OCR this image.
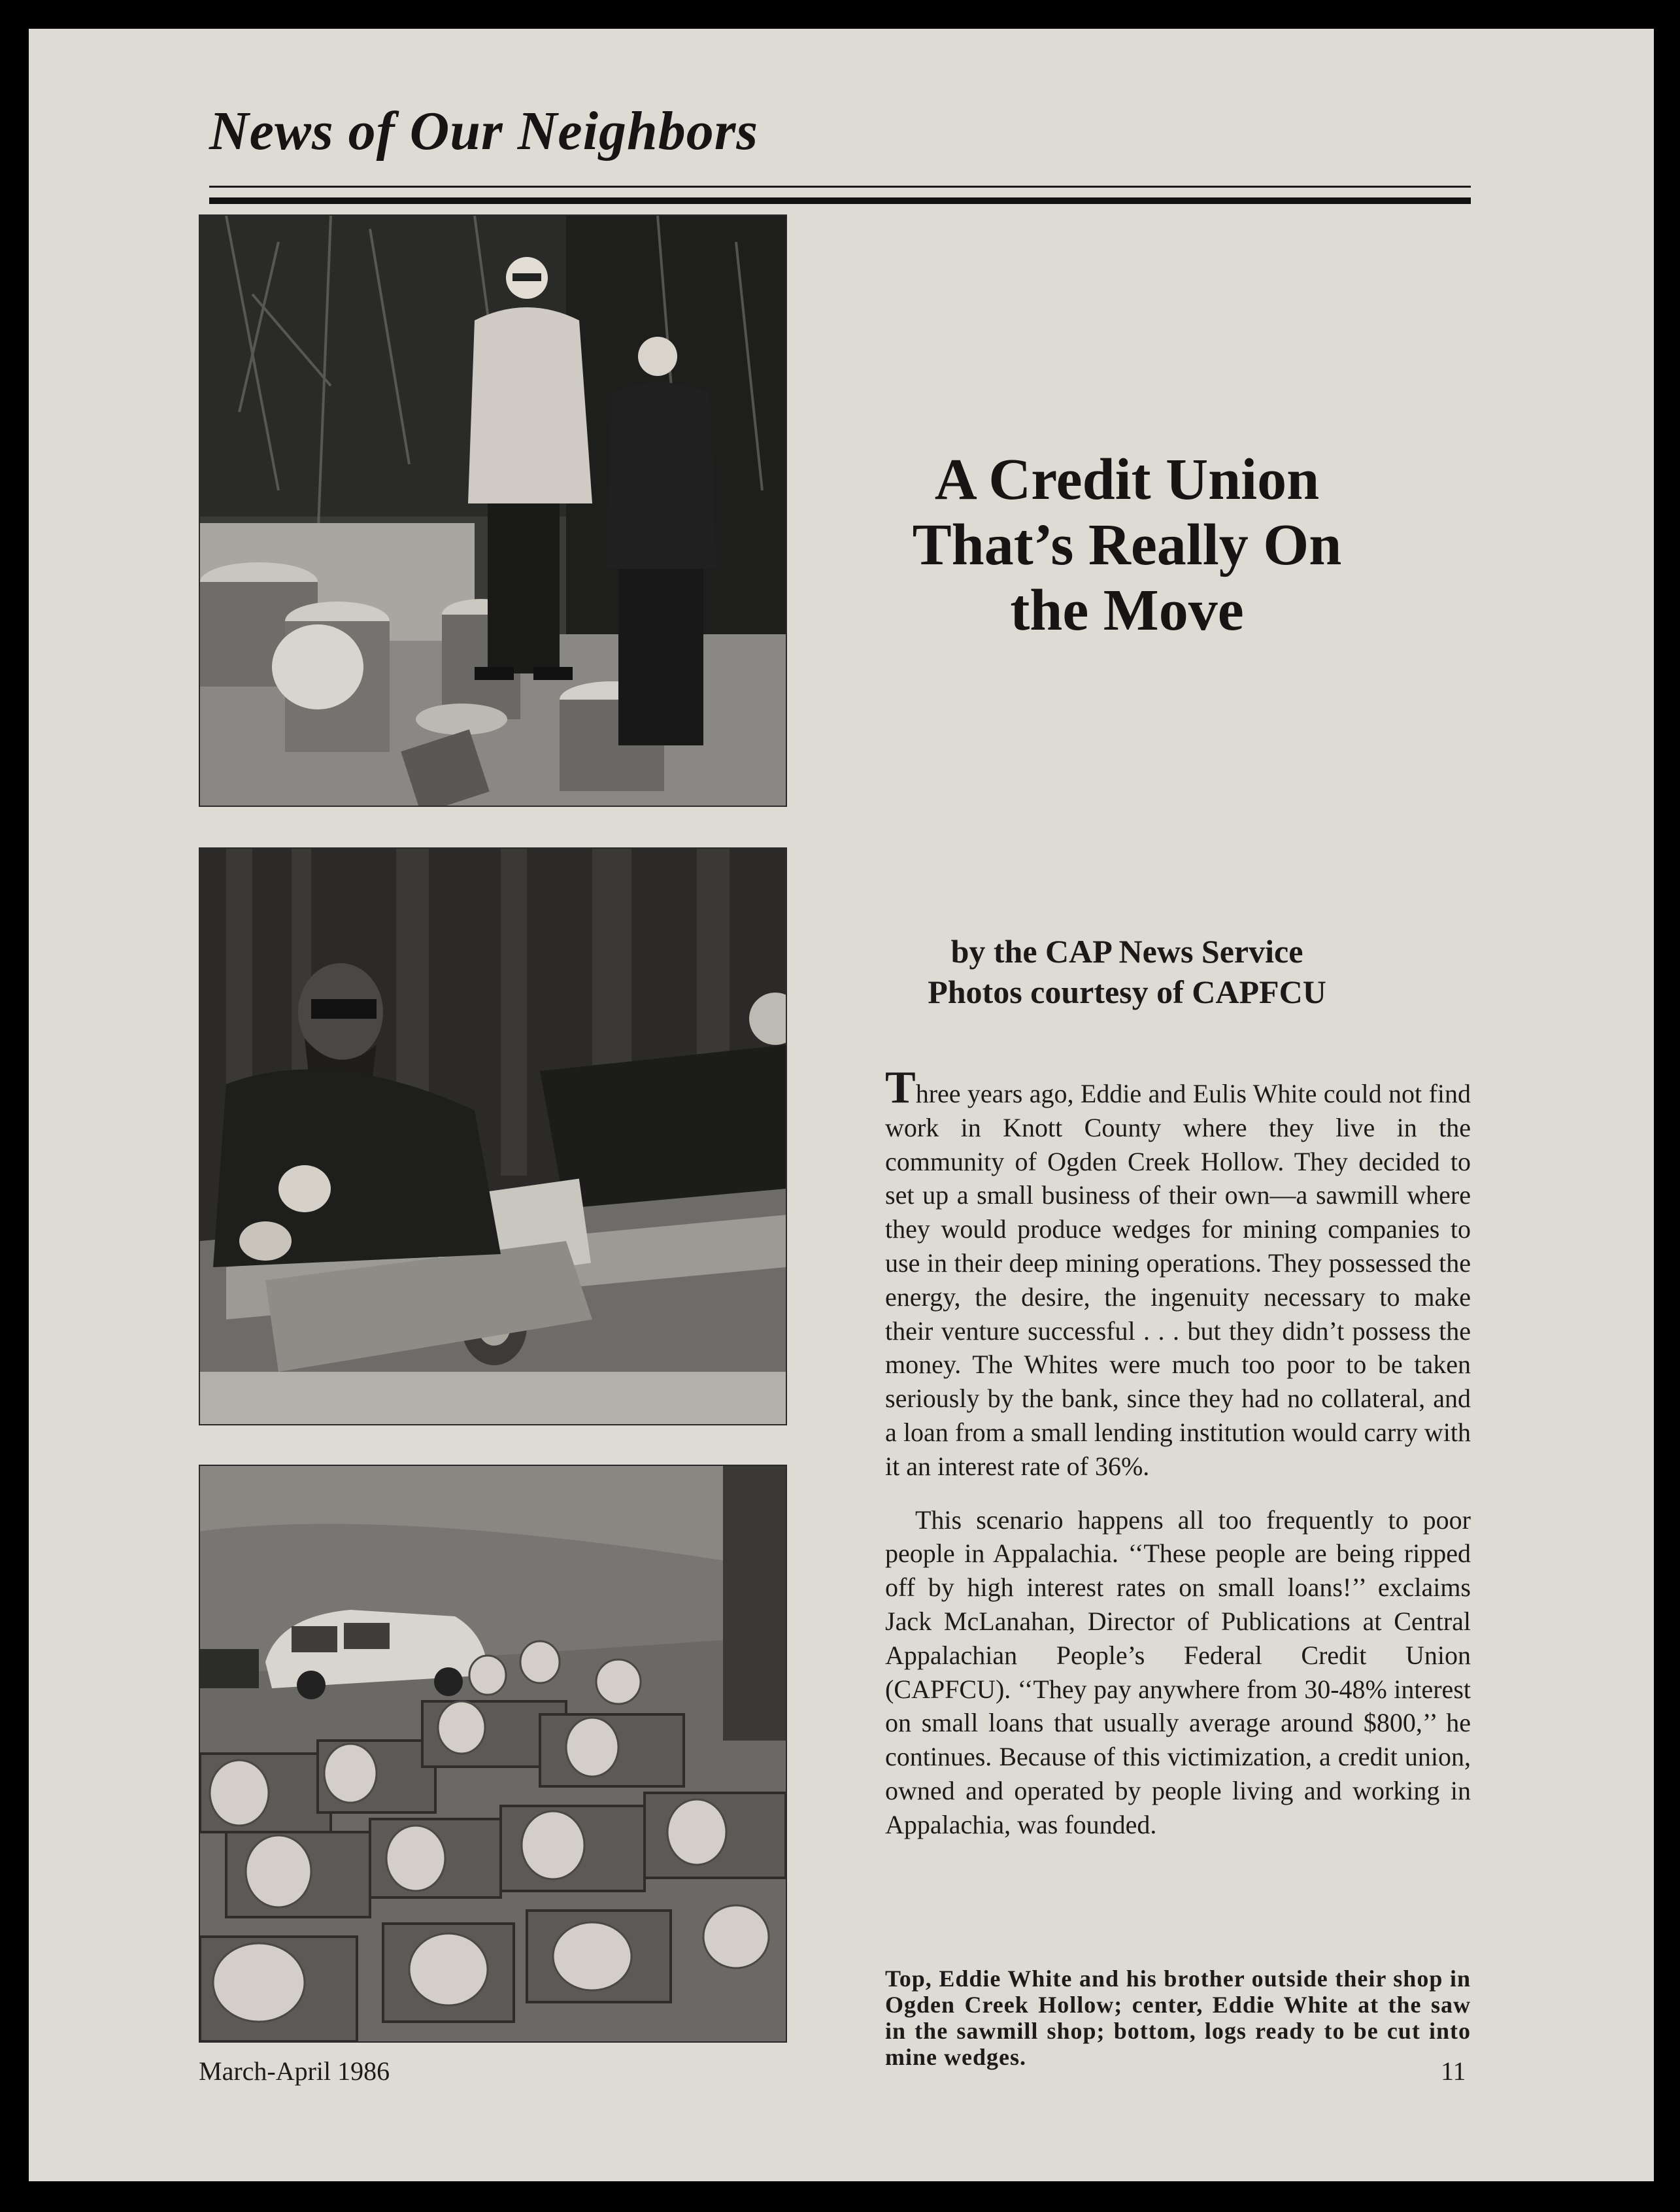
News of Our Neighbors
A Credit Union That’s Really On the Move
by the CAP News Service
Photos courtesy of CAPFCU

Three years ago, Eddie and Eulis White could not find work in Knott County where they live in the community of Ogden Creek Hollow. They decided to set up a small business of their own—a sawmill where they would produce wedges for mining companies to use in their deep mining operations. They possessed the energy, the desire, the ingenuity necessary to make their venture successful . . . but they didn’t possess the money. The Whites were much too poor to be taken seriously by the bank, since they had no collateral, and a loan from a small lending institution would carry with it an interest rate of 36%.

This scenario happens all too frequently to poor people in Appalachia. ‘‘These people are being ripped off by high interest rates on small loans!’’ exclaims Jack McLanahan, Director of Publications at Central Appalachian People’s Federal Credit Union (CAPFCU). ‘‘They pay anywhere from 30-48% interest on small loans that usually average around $800,’’ he continues. Because of this victimization, a credit union, owned and operated by people living and working in Appalachia, was founded.

Top, Eddie White and his brother outside their shop in Ogden Creek Hollow; center, Eddie White at the saw in the sawmill shop; bottom, logs ready to be cut into mine wedges.
March-April 1986	11
